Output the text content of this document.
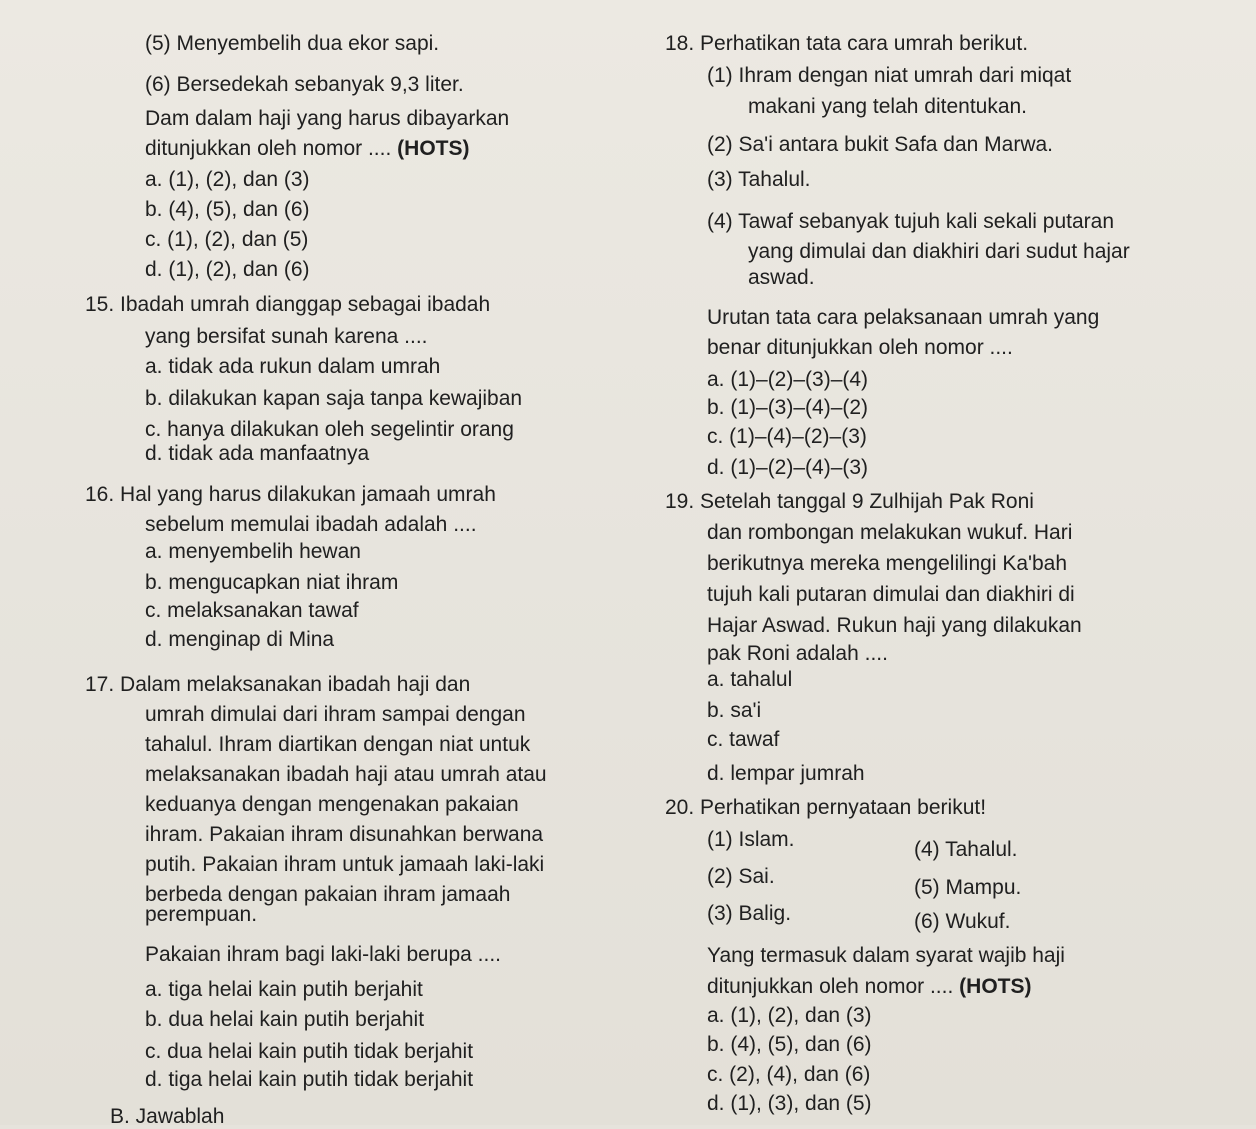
(5) Menyembelih dua ekor sapi.
(6) Bersedekah sebanyak 9,3 liter.
Dam dalam haji yang harus dibayarkan
ditunjukkan oleh nomor .... (HOTS)
a. (1), (2), dan (3)
b. (4), (5), dan (6)
c. (1), (2), dan (5)
d. (1), (2), dan (6)
15. Ibadah umrah dianggap sebagai ibadah
yang bersifat sunah karena ....
a. tidak ada rukun dalam umrah
b. dilakukan kapan saja tanpa kewajiban
c. hanya dilakukan oleh segelintir orang
d. tidak ada manfaatnya
16. Hal yang harus dilakukan jamaah umrah
sebelum memulai ibadah adalah ....
a. menyembelih hewan
b. mengucapkan niat ihram
c. melaksanakan tawaf
d. menginap di Mina
17. Dalam melaksanakan ibadah haji dan
umrah dimulai dari ihram sampai dengan
tahalul. Ihram diartikan dengan niat untuk
melaksanakan ibadah haji atau umrah atau
keduanya dengan mengenakan pakaian
ihram. Pakaian ihram disunahkan berwana
putih. Pakaian ihram untuk jamaah laki-laki
berbeda dengan pakaian ihram jamaah
perempuan.
Pakaian ihram bagi laki-laki berupa ....
a. tiga helai kain putih berjahit
b. dua helai kain putih berjahit
c. dua helai kain putih tidak berjahit
d. tiga helai kain putih tidak berjahit
B. Jawablah
18. Perhatikan tata cara umrah berikut.
(1) Ihram dengan niat umrah dari miqat
makani yang telah ditentukan.
(2) Sa'i antara bukit Safa dan Marwa.
(3) Tahalul.
(4) Tawaf sebanyak tujuh kali sekali putaran
yang dimulai dan diakhiri dari sudut hajar
aswad.
Urutan tata cara pelaksanaan umrah yang
benar ditunjukkan oleh nomor ....
a. (1)–(2)–(3)–(4)
b. (1)–(3)–(4)–(2)
c. (1)–(4)–(2)–(3)
d. (1)–(2)–(4)–(3)
19. Setelah tanggal 9 Zulhijah Pak Roni
dan rombongan melakukan wukuf. Hari
berikutnya mereka mengelilingi Ka'bah
tujuh kali putaran dimulai dan diakhiri di
Hajar Aswad. Rukun haji yang dilakukan
pak Roni adalah ....
a. tahalul
b. sa'i
c. tawaf
d. lempar jumrah
20. Perhatikan pernyataan berikut!
(1) Islam.	(4) Tahalul.
(2) Sai.	(5) Mampu.
(3) Balig.	(6) Wukuf.
Yang termasuk dalam syarat wajib haji
ditunjukkan oleh nomor .... (HOTS)
a. (1), (2), dan (3)
b. (4), (5), dan (6)
c. (2), (4), dan (6)
d. (1), (3), dan (5)
